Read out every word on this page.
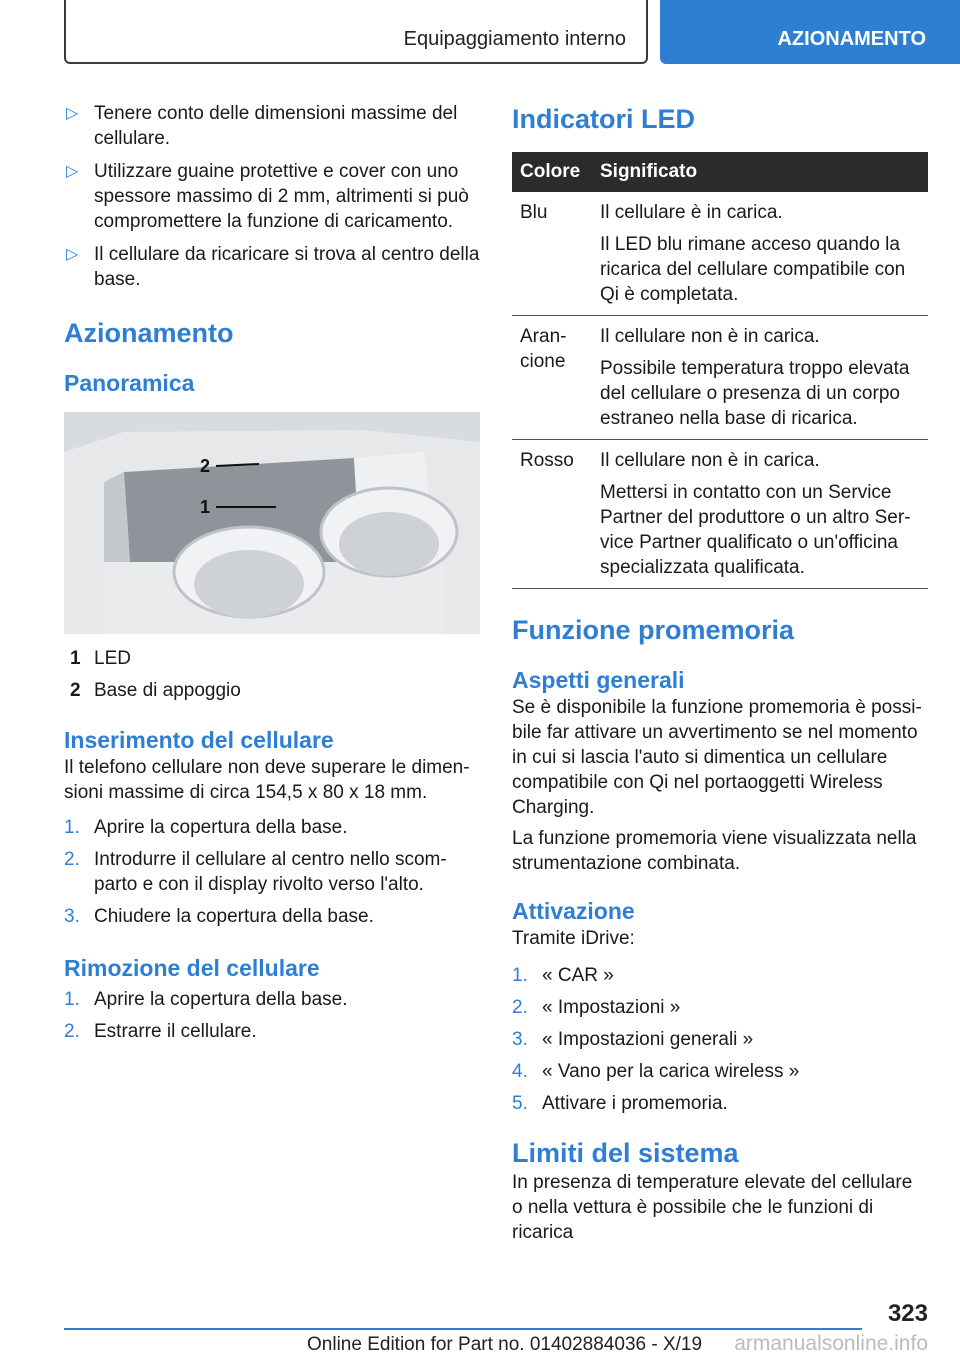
Equipaggiamento interno	AZIONAMENTO
▷ Tenere conto delle dimensioni massime del cellulare.
▷ Utilizzare guaine protettive e cover con uno spessore massimo di 2 mm, altrimenti si può compromettere la funzione di caricamento.
▷ Il cellulare da ricaricare si trova al centro della base.
Azionamento
Panoramica
2
1
1 LED
2 Base di appoggio
Inserimento del cellulare

Il telefono cellulare non deve superare le dimensioni massime di circa 154,5 x 80 x 18 mm.

1. Aprire la copertura della base.
2. Introdurre il cellulare al centro nello scomparto e con il display rivolto verso l'alto.
3. Chiudere la copertura della base.
Rimozione del cellulare
1. Aprire la copertura della base.
2. Estrarre il cellulare.
Indicatori LED
Colore	Significato
Blu	Il cellulare è in carica.

Il LED blu rimane acceso quando la ricarica del cellulare compatibile con Qi è completata.

Arancione	Il cellulare non è in carica.

Possibile temperatura troppo elevata del cellulare o presenza di un corpo estraneo nella base di ricarica.

Rosso	Il cellulare non è in carica.

Mettersi in contatto con un Service Partner del produttore o un altro Service Partner qualificato o un'officina specializzata qualificata.

Funzione promemoria
Aspetti generali

Se è disponibile la funzione promemoria è possibile far attivare un avvertimento se nel momento in cui si lascia l'auto si dimentica un cellulare compatibile con Qi nel portaoggetti Wireless Charging.

La funzione promemoria viene visualizzata nella strumentazione combinata.

Attivazione

Tramite iDrive:

1. « CAR »
2. « Impostazioni »
3. « Impostazioni generali »
4. « Vano per la carica wireless »
5. Attivare i promemoria.
Limiti del sistema

In presenza di temperature elevate del cellulare o nella vettura è possibile che le funzioni di ricarica

323
Online Edition for Part no. 01402884036 - X/19 armanualsonline.info
